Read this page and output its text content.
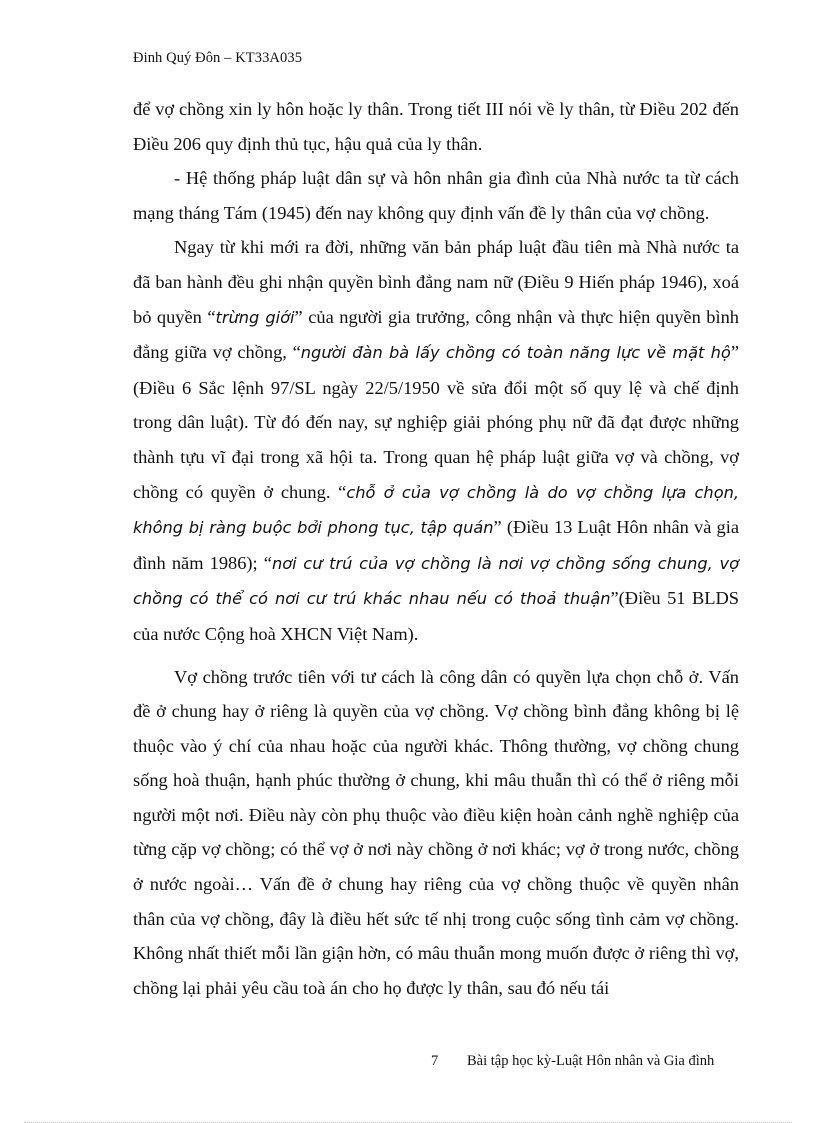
Đinh Quý Đôn – KT33A035

để vợ chồng xin ly hôn hoặc ly thân. Trong tiết III nói về ly thân, từ Điều 202 đến Điều 206 quy định thủ tục, hậu quả của ly thân.

- Hệ thống pháp luật dân sự và hôn nhân gia đình của Nhà nước ta từ cách mạng tháng Tám (1945) đến nay không quy định vấn đề ly thân của vợ chồng.

Ngay từ khi mới ra đời, những văn bản pháp luật đầu tiên mà Nhà nước ta đã ban hành đều ghi nhận quyền bình đẳng nam nữ (Điều 9 Hiến pháp 1946), xoá bỏ quyền “trừng giới” của người gia trưởng, công nhận và thực hiện quyền bình đẳng giữa vợ chồng, “người đàn bà lấy chồng có toàn năng lực về mặt hộ” (Điều 6 Sắc lệnh 97/SL ngày 22/5/1950 về sửa đổi một số quy lệ và chế định trong dân luật). Từ đó đến nay, sự nghiệp giải phóng phụ nữ đã đạt được những thành tựu vĩ đại trong xã hội ta. Trong quan hệ pháp luật giữa vợ và chồng, vợ chồng có quyền ở chung. “chỗ ở của vợ chồng là do vợ chồng lựa chọn, không bị ràng buộc bởi phong tục, tập quán” (Điều 13 Luật Hôn nhân và gia đình năm 1986); “nơi cư trú của vợ chồng là nơi vợ chồng sống chung, vợ chồng có thể có nơi cư trú khác nhau nếu có thoả thuận”(Điều 51 BLDS của nước Cộng hoà XHCN Việt Nam).

Vợ chồng trước tiên với tư cách là công dân có quyền lựa chọn chỗ ở. Vấn đề ở chung hay ở riêng là quyền của vợ chồng. Vợ chồng bình đẳng không bị lệ thuộc vào ý chí của nhau hoặc của người khác. Thông thường, vợ chồng chung sống hoà thuận, hạnh phúc thường ở chung, khi mâu thuẫn thì có thể ở riêng mỗi người một nơi. Điều này còn phụ thuộc vào điều kiện hoàn cảnh nghề nghiệp của từng cặp vợ chồng; có thể vợ ở nơi này chồng ở nơi khác; vợ ở trong nước, chồng ở nước ngoài… Vấn đề ở chung hay riêng của vợ chồng thuộc về quyền nhân thân của vợ chồng, đây là điều hết sức tế nhị trong cuộc sống tình cảm vợ chồng. Không nhất thiết mỗi lần giận hờn, có mâu thuẫn mong muốn được ở riêng thì vợ, chồng lại phải yêu cầu toà án cho họ được ly thân, sau đó nếu tái

7 Bài tập học kỳ-Luật Hôn nhân và Gia đình
